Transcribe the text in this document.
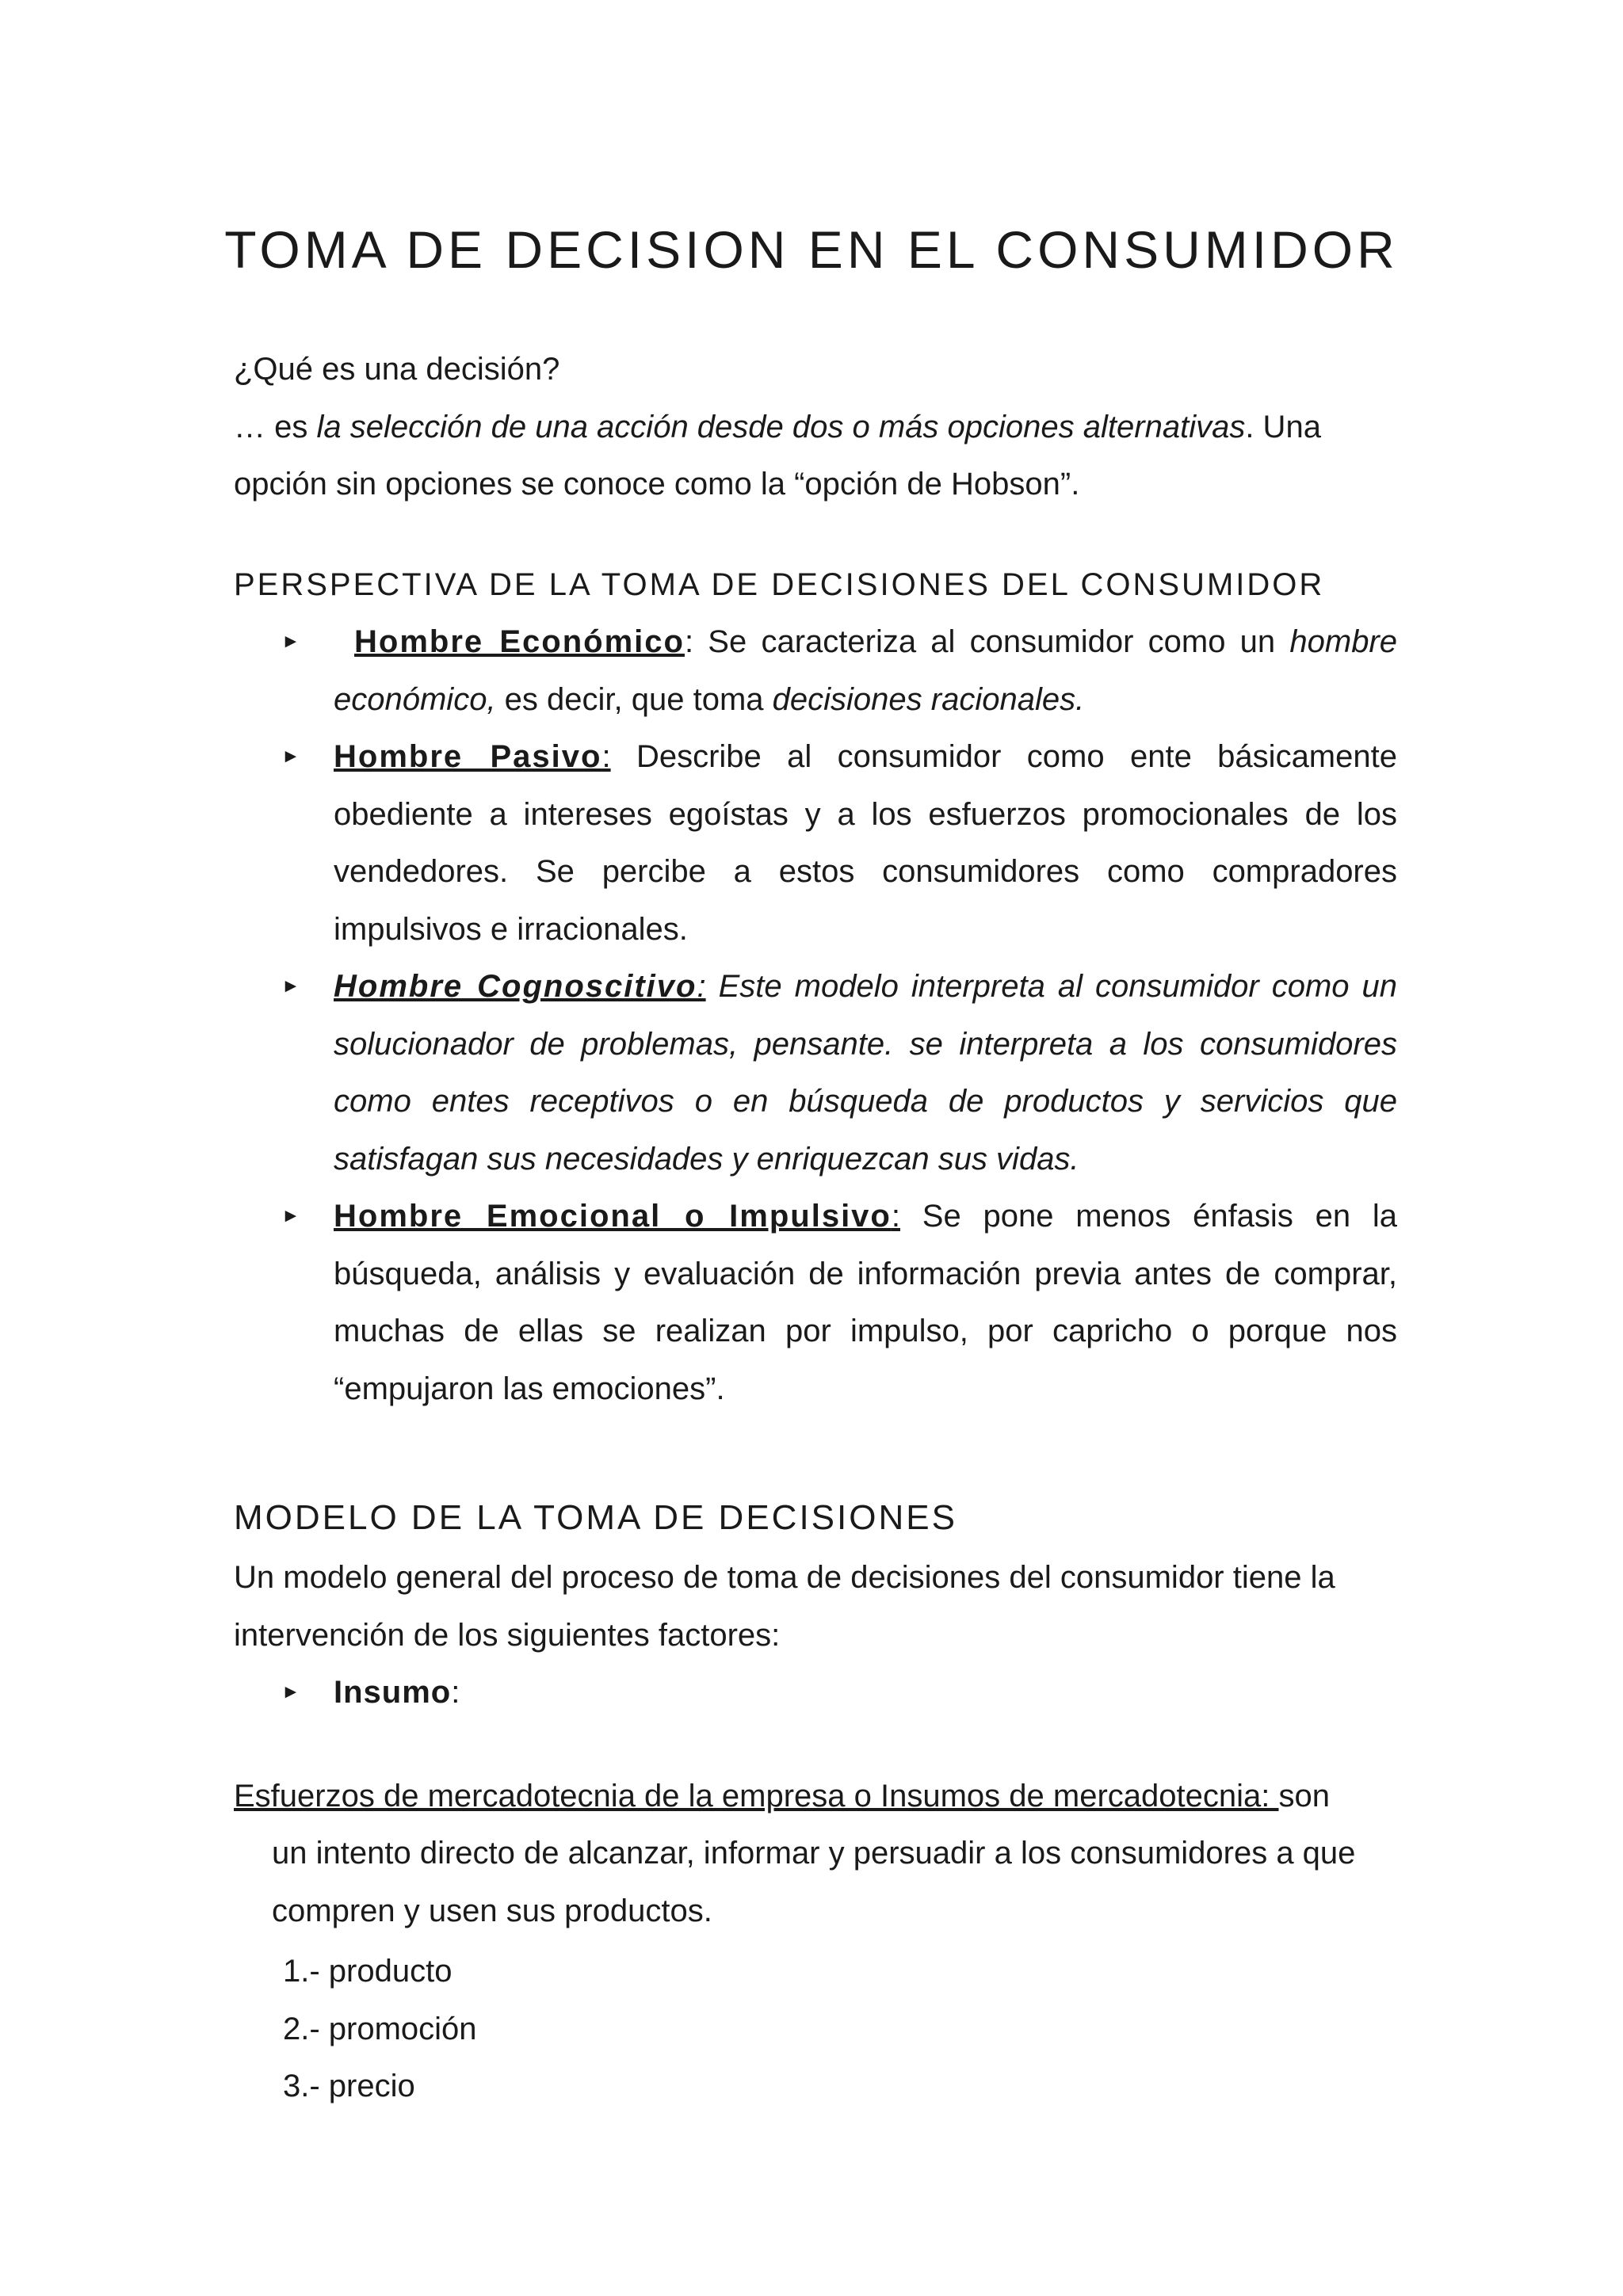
TOMA DE DECISION EN EL CONSUMIDOR

¿Qué es una decisión?

… es la selección de una acción desde dos o más opciones alternativas. Una

opción sin opciones se conoce como la “opción de Hobson”.

PERSPECTIVA DE LA TOMA DE DECISIONES DEL CONSUMIDOR
► Hombre Económico: Se caracteriza al consumidor como un hombre económico, es decir, que toma decisiones racionales.
► Hombre Pasivo: Describe al consumidor como ente básicamente obediente a intereses egoístas y a los esfuerzos promocionales de los vendedores. Se percibe a estos consumidores como compradores impulsivos e irracionales.
► Hombre Cognoscitivo: Este modelo interpreta al consumidor como un solucionador de problemas, pensante. se interpreta a los consumidores como entes receptivos o en búsqueda de productos y servicios que satisfagan sus necesidades y enriquezcan sus vidas.
► Hombre Emocional o Impulsivo: Se pone menos énfasis en la búsqueda, análisis y evaluación de información previa antes de comprar, muchas de ellas se realizan por impulso, por capricho o porque nos “empujaron las emociones”.
MODELO DE LA TOMA DE DECISIONES

Un modelo general del proceso de toma de decisiones del consumidor tiene la intervención de los siguientes factores:

► Insumo:

Esfuerzos de mercadotecnia de la empresa o Insumos de mercadotecnia: son

un intento directo de alcanzar, informar y persuadir a los consumidores a que compren y usen sus productos.

1.- producto
2.- promoción
3.- precio
